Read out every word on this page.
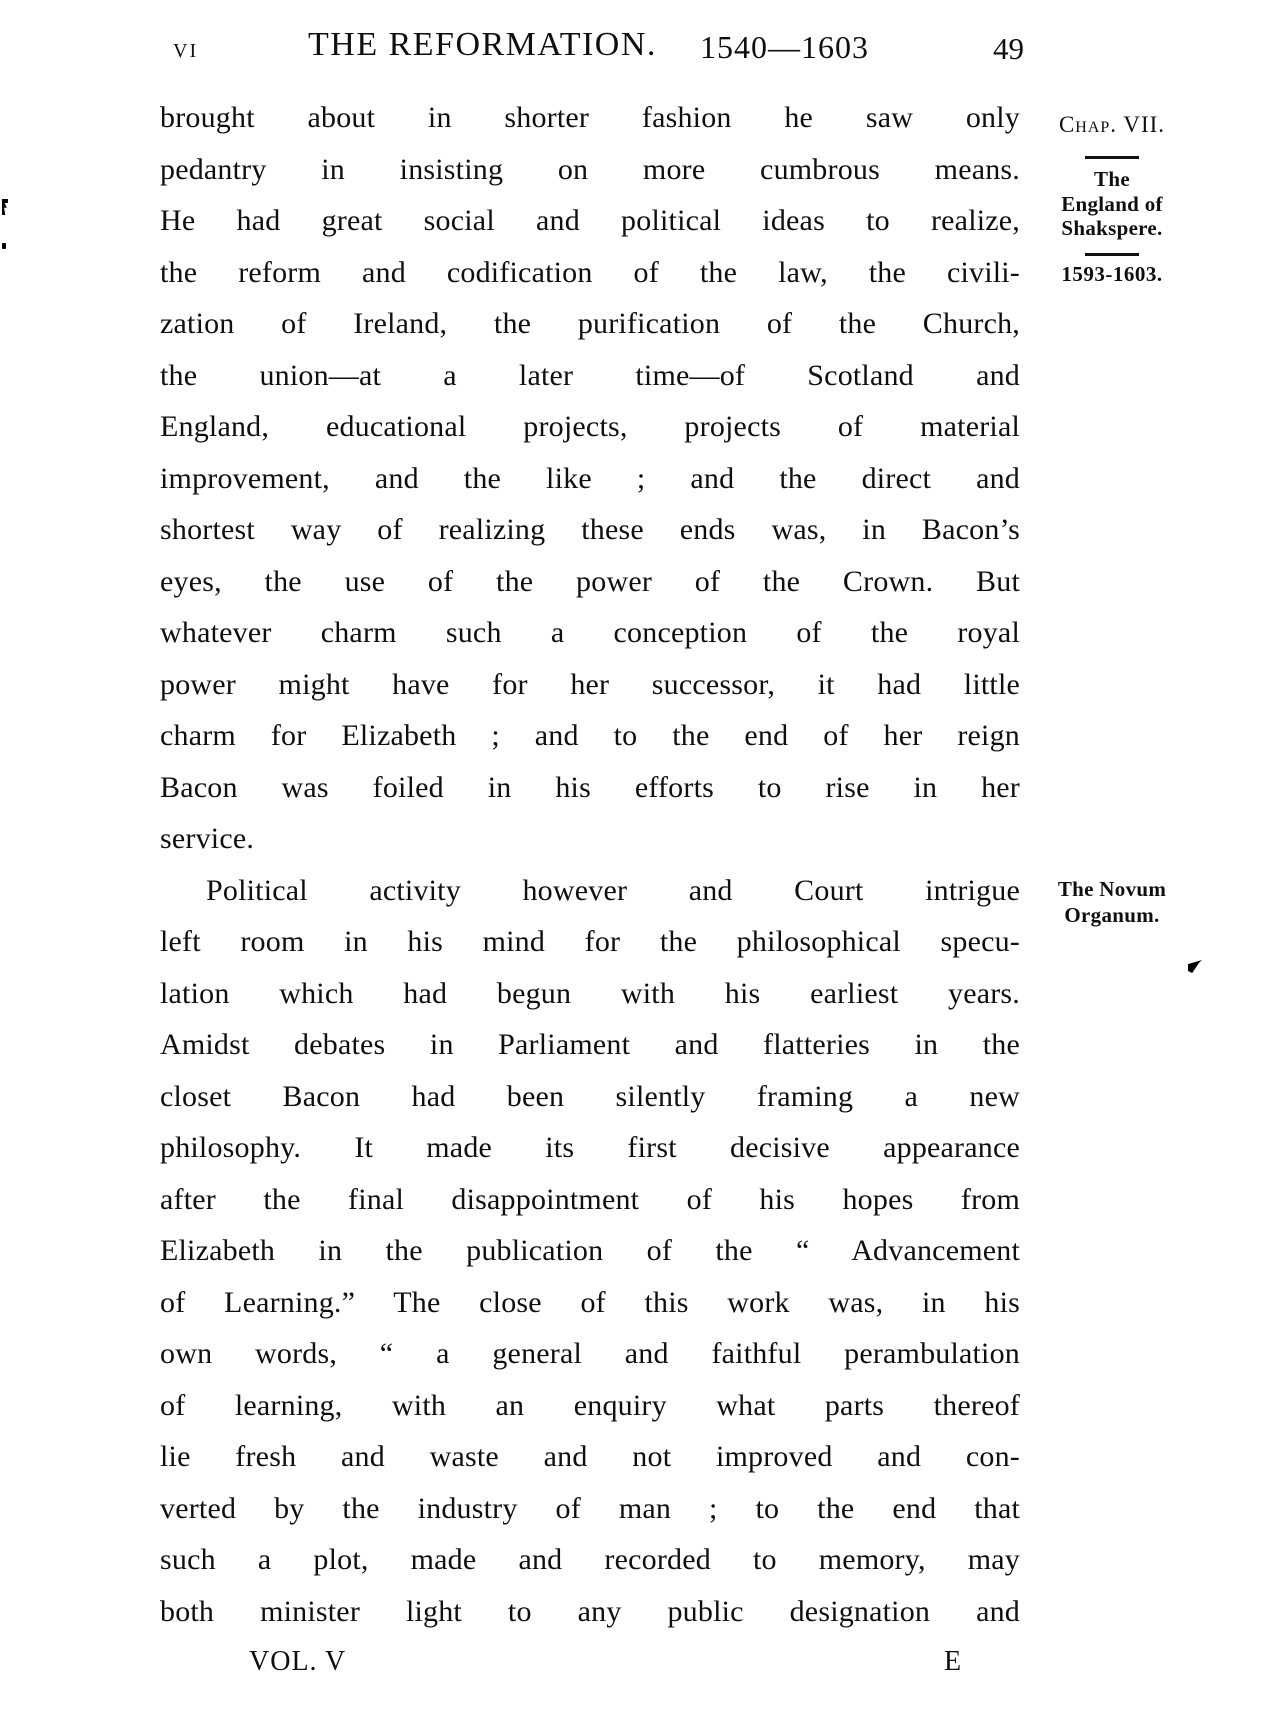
VI	THE REFORMATION. 1540—1603	49
brought about in shorter fashion he saw only
pedantry in insisting on more cumbrous means.
He had great social and political ideas to realize,
the reform and codification of the law, the civili-
zation of Ireland, the purification of the Church,
the union—at a later time—of Scotland and
England, educational projects, projects of material
improvement, and the like ; and the direct and
shortest way of realizing these ends was, in Bacon’s
eyes, the use of the power of the Crown. But
whatever charm such a conception of the royal
power might have for her successor, it had little
charm for Elizabeth ; and to the end of her reign
Bacon was foiled in his efforts to rise in her
service.
Political activity however and Court intrigue
left room in his mind for the philosophical specu-
lation which had begun with his earliest years.
Amidst debates in Parliament and flatteries in the
closet Bacon had been silently framing a new
philosophy. It made its first decisive appearance
after the final disappointment of his hopes from
Elizabeth in the publication of the “ Advancement
of Learning.” The close of this work was, in his
own words, “ a general and faithful perambulation
of learning, with an enquiry what parts thereof
lie fresh and waste and not improved and con-
verted by the industry of man ; to the end that
such a plot, made and recorded to memory, may
both minister light to any public designation and
Chap. VII.
The
England of
Shakspere.
1593-1603.
The Novum
Organum.
VOL. V	E
